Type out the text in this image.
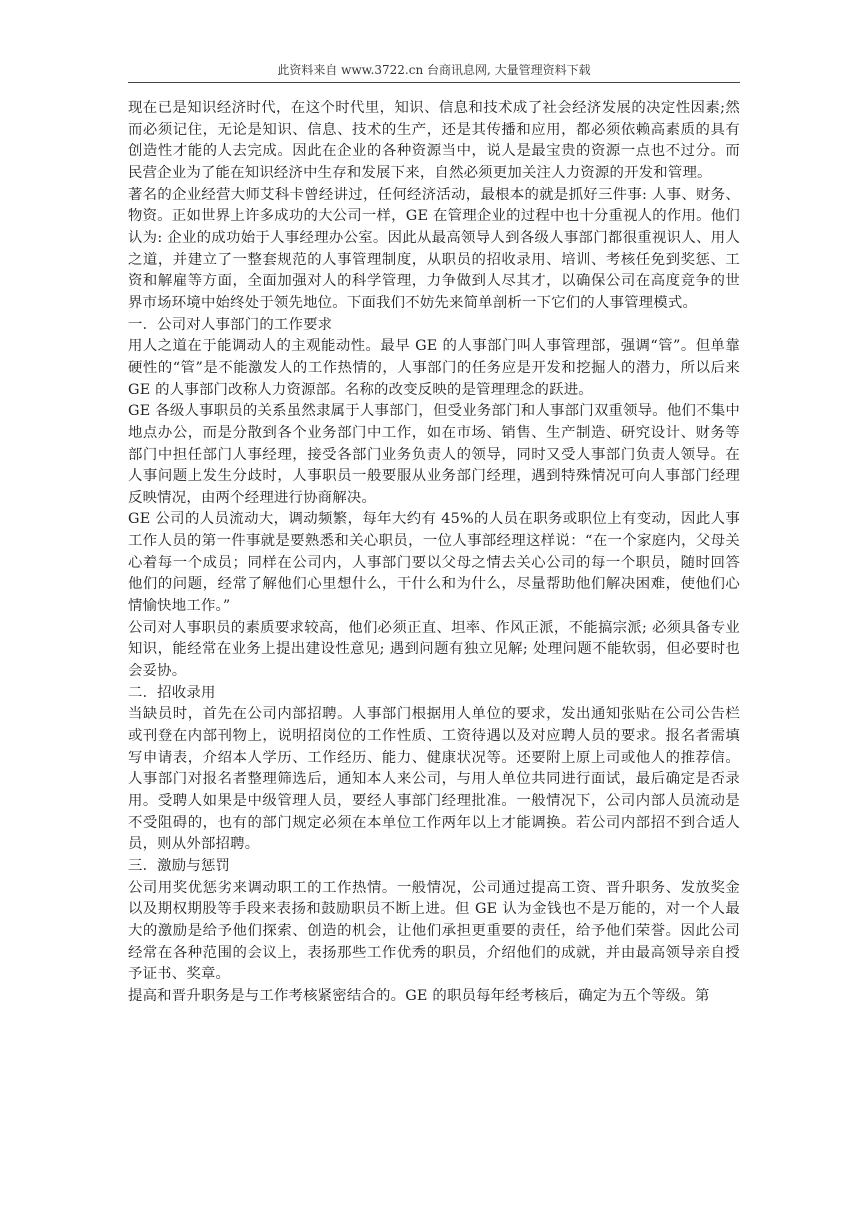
此资料来自 www.3722.cn 台商讯息网, 大量管理资料下载

现在已是知识经济时代，在这个时代里，知识、信息和技术成了社会经济发展的决定性因素;然而必须记住，无论是知识、信息、技术的生产，还是其传播和应用，都必须依赖高素质的具有创造性才能的人去完成。因此在企业的各种资源当中，说人是最宝贵的资源一点也不过分。而民营企业为了能在知识经济中生存和发展下来，自然必须更加关注人力资源的开发和管理。

著名的企业经营大师艾科卡曾经讲过，任何经济活动，最根本的就是抓好三件事: 人事、财务、物资。正如世界上许多成功的大公司一样，GE 在管理企业的过程中也十分重视人的作用。他们认为: 企业的成功始于人事经理办公室。因此从最高领导人到各级人事部门都很重视识人、用人之道，并建立了一整套规范的人事管理制度，从职员的招收录用、培训、考核任免到奖惩、工资和解雇等方面，全面加强对人的科学管理，力争做到人尽其才，以确保公司在高度竞争的世界市场环境中始终处于领先地位。下面我们不妨先来简单剖析一下它们的人事管理模式。

一．公司对人事部门的工作要求

用人之道在于能调动人的主观能动性。最早 GE 的人事部门叫人事管理部，强调“管”。但单靠硬性的“管”是不能激发人的工作热情的，人事部门的任务应是开发和挖掘人的潜力，所以后来 GE 的人事部门改称人力资源部。名称的改变反映的是管理理念的跃进。

GE 各级人事职员的关系虽然隶属于人事部门，但受业务部门和人事部门双重领导。他们不集中地点办公，而是分散到各个业务部门中工作，如在市场、销售、生产制造、研究设计、财务等部门中担任部门人事经理，接受各部门业务负责人的领导，同时又受人事部门负责人领导。在人事问题上发生分歧时，人事职员一般要服从业务部门经理，遇到特殊情况可向人事部门经理反映情况，由两个经理进行协商解决。

GE 公司的人员流动大，调动频繁，每年大约有 45%的人员在职务或职位上有变动，因此人事工作人员的第一件事就是要熟悉和关心职员，一位人事部经理这样说：“在一个家庭内，父母关心着每一个成员；同样在公司内，人事部门要以父母之情去关心公司的每一个职员，随时回答他们的问题，经常了解他们心里想什么，干什么和为什么，尽量帮助他们解决困难，使他们心情愉快地工作。”

公司对人事职员的素质要求较高，他们必须正直、坦率、作风正派，不能搞宗派; 必须具备专业知识，能经常在业务上提出建设性意见; 遇到问题有独立见解; 处理问题不能软弱，但必要时也会妥协。

二．招收录用

当缺员时，首先在公司内部招聘。人事部门根据用人单位的要求，发出通知张贴在公司公告栏或刊登在内部刊物上，说明招岗位的工作性质、工资待遇以及对应聘人员的要求。报名者需填写申请表，介绍本人学历、工作经历、能力、健康状况等。还要附上原上司或他人的推荐信。人事部门对报名者整理筛选后，通知本人来公司，与用人单位共同进行面试，最后确定是否录用。受聘人如果是中级管理人员，要经人事部门经理批准。一般情况下，公司内部人员流动是不受阻碍的，也有的部门规定必须在本单位工作两年以上才能调换。若公司内部招不到合适人员，则从外部招聘。

三．激励与惩罚

公司用奖优惩劣来调动职工的工作热情。一般情况，公司通过提高工资、晋升职务、发放奖金以及期权期股等手段来表扬和鼓励职员不断上进。但 GE 认为金钱也不是万能的，对一个人最大的激励是给予他们探索、创造的机会，让他们承担更重要的责任，给予他们荣誉。因此公司经常在各种范围的会议上，表扬那些工作优秀的职员，介绍他们的成就，并由最高领导亲自授予证书、奖章。

提高和晋升职务是与工作考核紧密结合的。GE 的职员每年经考核后，确定为五个等级。第
